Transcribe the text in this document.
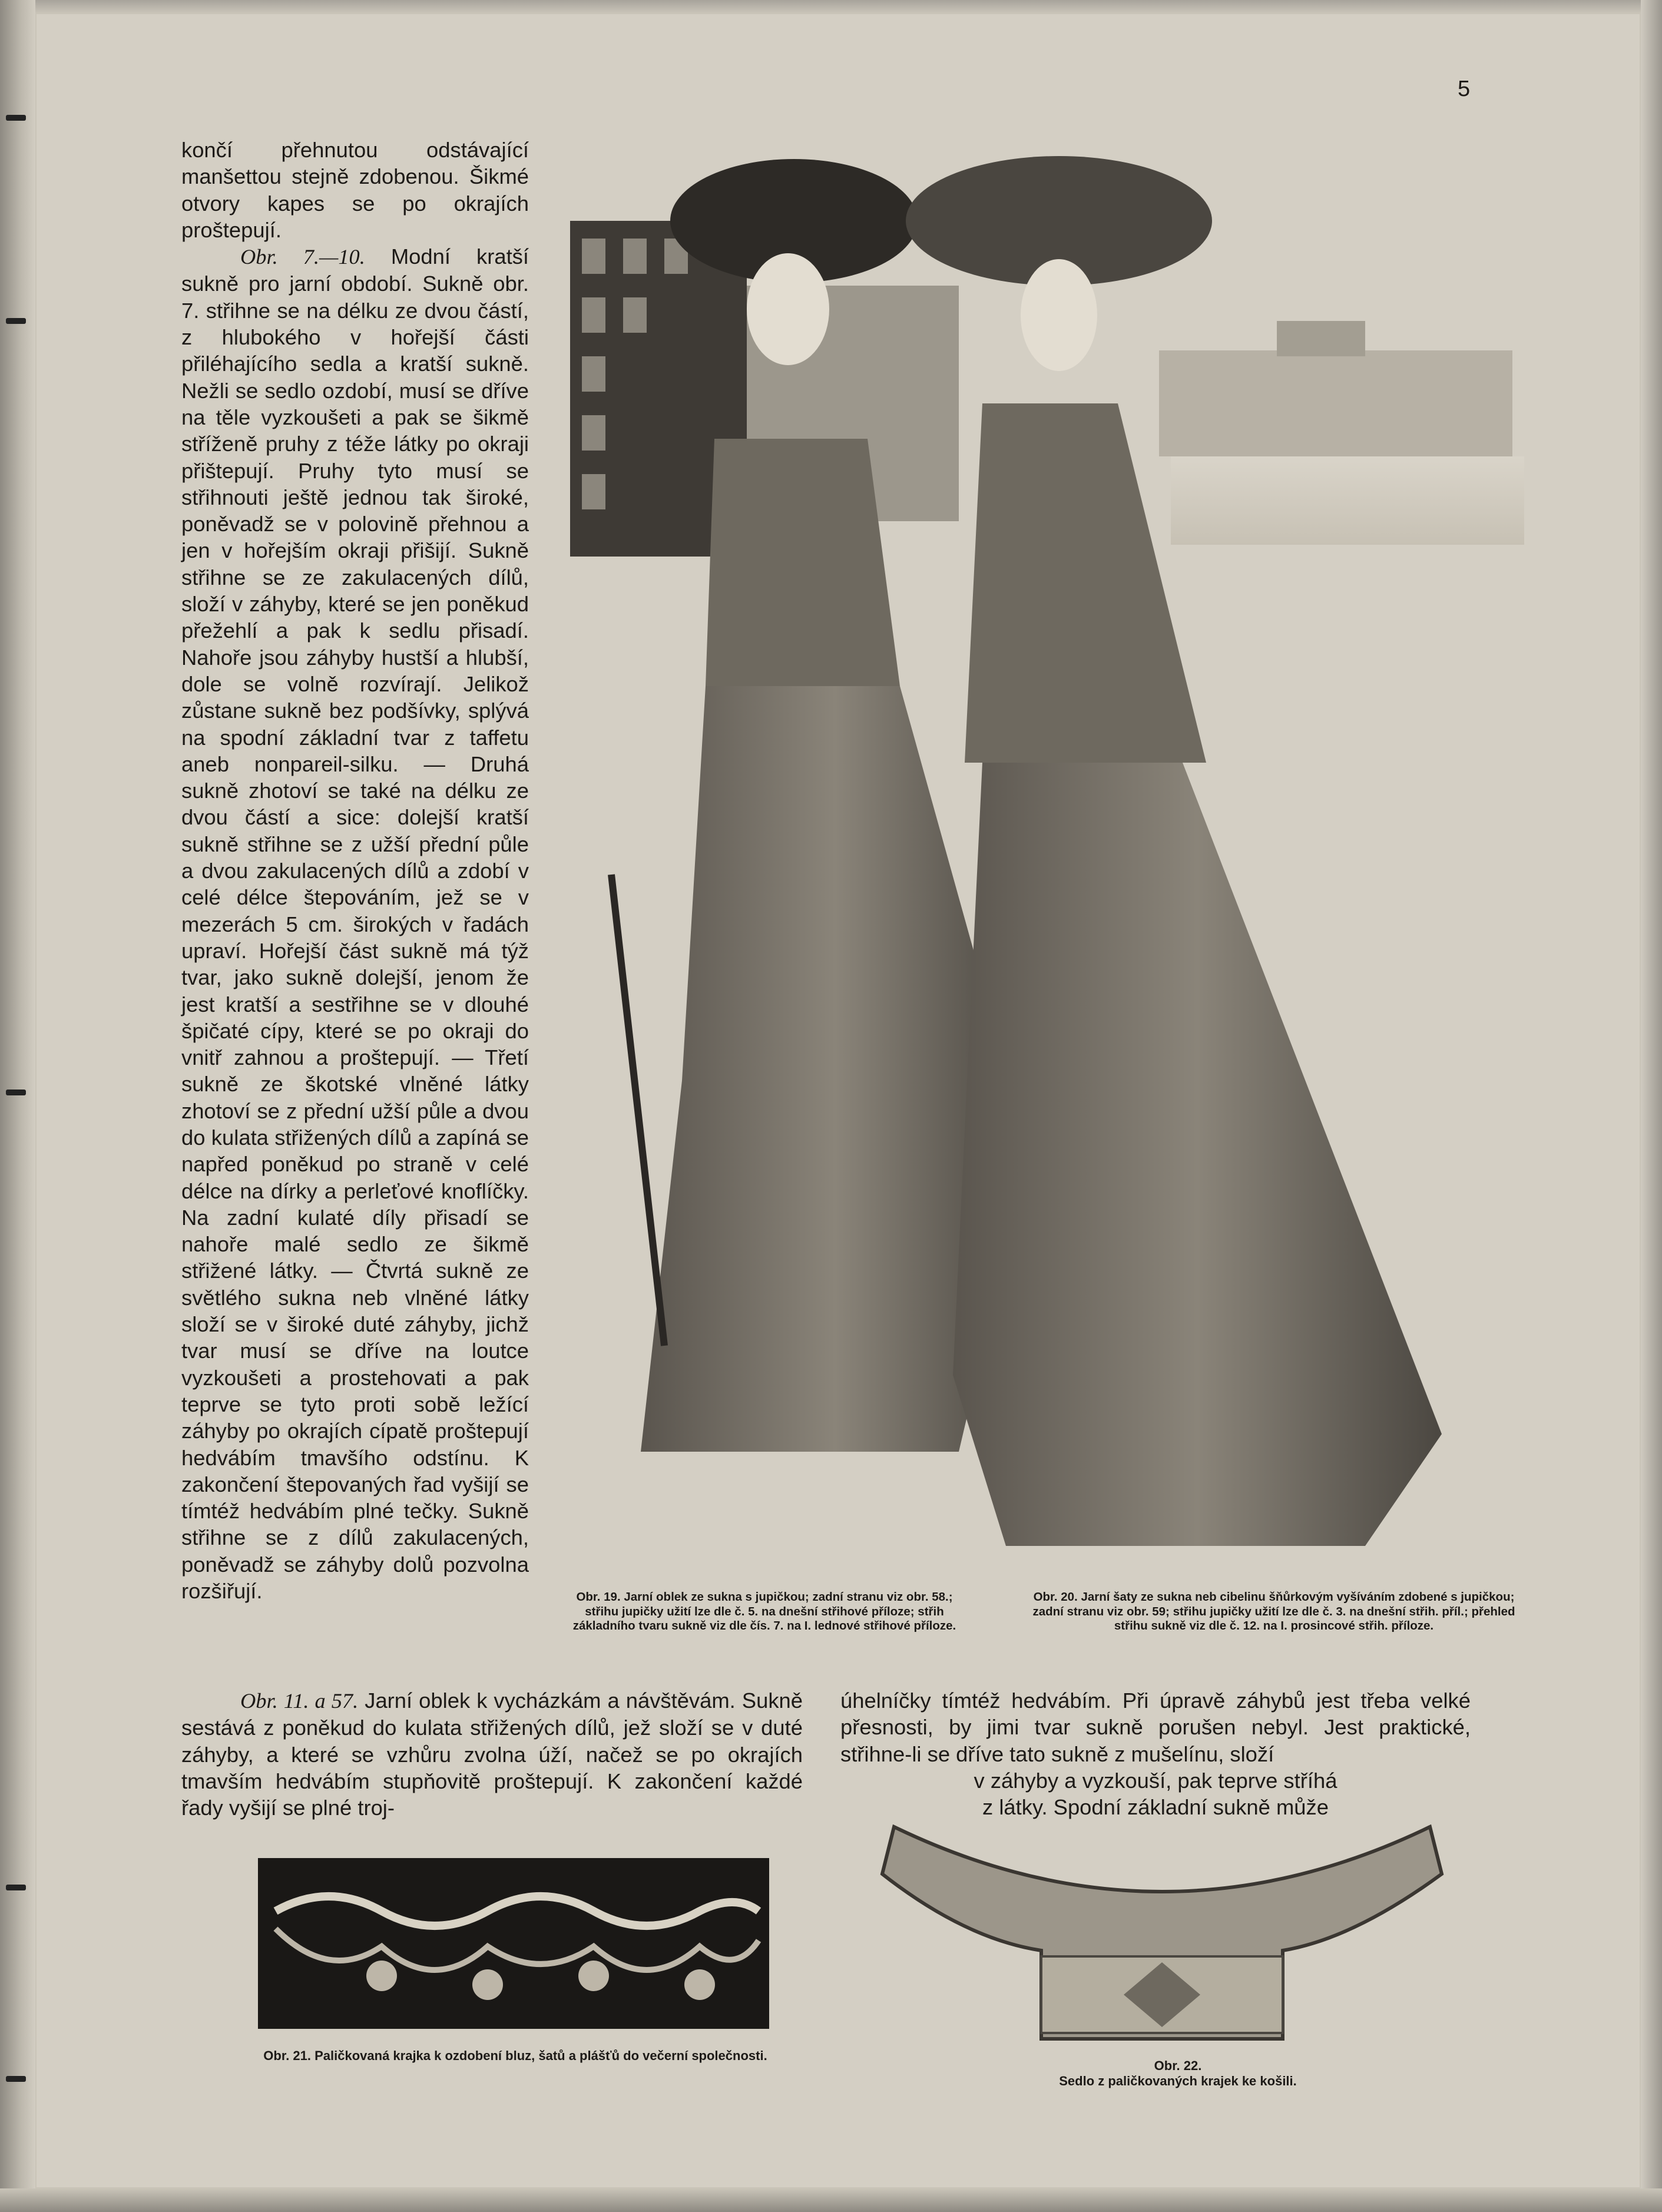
5

končí přehnutou odstávající manšettou stejně zdobenou. Šikmé otvory kapes se po okrajích proštepují.

Obr. 7.—10. Modní kratší sukně pro jarní období. Sukně obr. 7. střihne se na délku ze dvou částí, z hlubokého v hořejší části přiléhajícího sedla a kratší sukně. Nežli se sedlo ozdobí, musí se dříve na těle vyzkoušeti a pak se šikmě stříženě pruhy z téže látky po okraji přištepují. Pruhy tyto musí se střihnouti ještě jednou tak široké, poněvadž se v polovině přehnou a jen v hořejším okraji přišijí. Sukně střihne se ze zakulacených dílů, složí v záhyby, které se jen poněkud přežehlí a pak k sedlu přisadí. Nahoře jsou záhyby hustší a hlubší, dole se volně rozvírají. Jelikož zůstane sukně bez podšívky, splývá na spodní základní tvar z taffetu aneb nonpareil-silku. — Druhá sukně zhotoví se také na délku ze dvou částí a sice: dolejší kratší sukně střihne se z užší přední půle a dvou zakulacených dílů a zdobí v celé délce štepováním, jež se v mezerách 5 cm. širokých v řadách upraví. Hořejší část sukně má týž tvar, jako sukně dolejší, jenom že jest kratší a sestřihne se v dlouhé špičaté cípy, které se po okraji do vnitř zahnou a proštepují. — Třetí sukně ze škotské vlněné látky zhotoví se z přední užší půle a dvou do kulata střižených dílů a zapíná se napřed poněkud po straně v celé délce na dírky a perleťové knoflíčky. Na zadní kulaté díly přisadí se nahoře malé sedlo ze šikmě střižené látky. — Čtvrtá sukně ze světlého sukna neb vlněné látky složí se v široké duté záhyby, jichž tvar musí se dříve na loutce vyzkoušeti a prostehovati a pak teprve se tyto proti sobě ležící záhyby po okrajích cípatě proštepují hedvábím tmavšího odstínu. K zakončení štepovaných řad vyšijí se tímtéž hedvábím plné tečky. Sukně střihne se z dílů zakulacených, poněvadž se záhyby dolů pozvolna rozšiřují.	Obr. 19. Jarní oblek ze sukna s jupičkou; zadní stranu viz obr. 58.; střihu jupičky užití lze dle č. 5. na dnešní střihové příloze; střih základního tvaru sukně viz dle čís. 7. na I. lednové střihové příloze.
Obr. 20. Jarní šaty ze sukna neb cibelinu šňůrkovým vyšíváním zdobené s jupičkou; zadní stranu viz obr. 59; střihu jupičky užití lze dle č. 3. na dnešní střih. příl.; přehled střihu sukně viz dle č. 12. na I. prosincové střih. příloze.

Obr. 11. a 57. Jarní oblek k vycházkám a návštěvám. Sukně sestává z poněkud do kulata střižených dílů, jež složí se v duté záhyby, a které se vzhůru zvolna úží, načež se po okrajích tmavším hedvábím stupňovitě proštepují. K zakončení každé řady vyšijí se plné troj-

úhelníčky tímtéž hedvábím. Při úpravě záhybů jest třeba velké přesnosti, by jimi tvar sukně porušen nebyl. Jest praktické, střihne-li se dříve tato sukně z mušelínu, složí

v záhyby a vyzkouší, pak teprve stříhá

z látky. Spodní základní sukně může

Obr. 21. Paličkovaná krajka k ozdobení bluz, šatů a plášťů do večerní společnosti.
Obr. 22.
Sedlo z paličkovaných krajek ke košili.
